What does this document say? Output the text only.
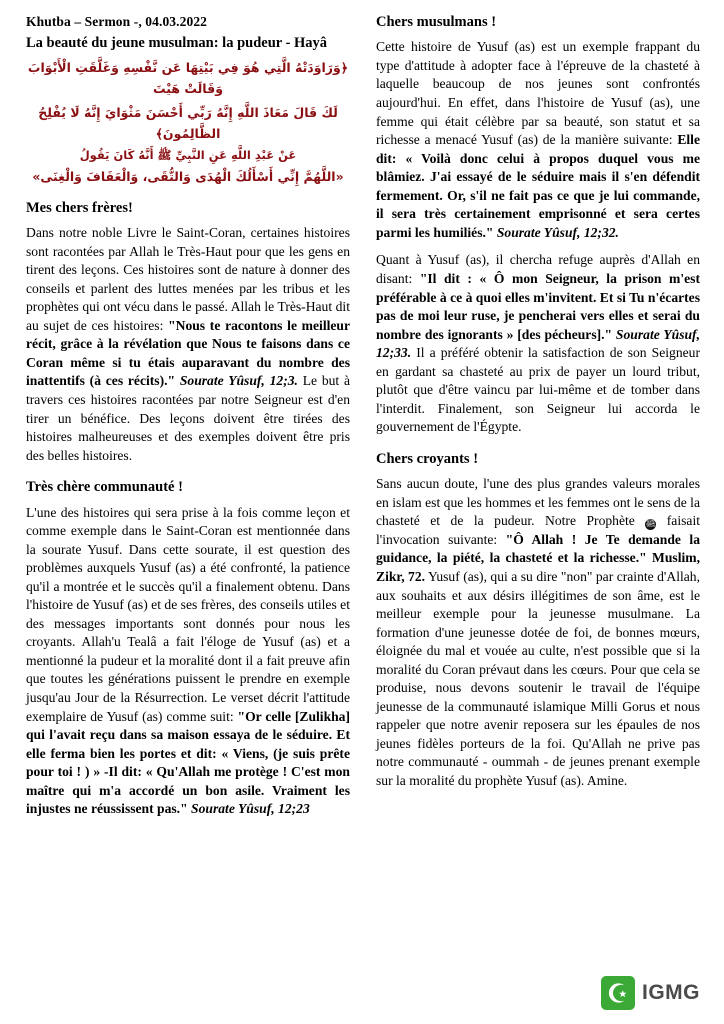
Khutba – Sermon -, 04.03.2022
La beauté du jeune musulman: la pudeur - Hayâ
﴿وَرَاوَدَتْهُ الَّتِي هُوَ فِي بَيْتِهَا عَن نَّفْسِهِ وَغَلَّقَتِ الْأَبْوَابَ وَقَالَتْ هَيْتَ
لَكَ قَالَ مَعَاذَ اللَّهِ إِنَّهُ رَبِّي أَحْسَنَ مَثْوَايَ إِنَّهُ لَا يُفْلِحُ الظَّالِمُونَ﴾
عَنْ عَبْدِ اللَّهِ عَنِ النَّبِيِّ ﷺ أَنَّهُ كَانَ يَقُولُ
«اللَّهُمَّ إِنِّي أَسْأَلُكَ الْهُدَى وَالتُّقَى، وَالْعَفَافَ وَالْغِنَى»
Mes chers frères!

Dans notre noble Livre le Saint-Coran, certaines histoires sont racontées par Allah le Très-Haut pour que les gens en tirent des leçons. Ces histoires sont de nature à donner des conseils et parlent des luttes menées par les tribus et les prophètes qui ont vécu dans le passé. Allah le Très-Haut dit au sujet de ces histoires: "Nous te racontons le meilleur récit, grâce à la révélation que Nous te faisons dans ce Coran même si tu étais auparavant du nombre des inattentifs (à ces récits)." Sourate Yûsuf, 12;3. Le but à travers ces histoires racontées par notre Seigneur est d'en tirer un bénéfice. Des leçons doivent être tirées des histoires malheureuses et des exemples doivent être pris des belles histoires.

Très chère communauté !

L'une des histoires qui sera prise à la fois comme leçon et comme exemple dans le Saint-Coran est mentionnée dans la sourate Yusuf. Dans cette sourate, il est question des problèmes auxquels Yusuf (as) a été confronté, la patience qu'il a montrée et le succès qu'il a finalement obtenu. Dans l'histoire de Yusuf (as) et de ses frères, des conseils utiles et des messages importants sont donnés pour nous les croyants. Allah'u Tealâ a fait l'éloge de Yusuf (as) et a mentionné la pudeur et la moralité dont il a fait preuve afin que toutes les générations puissent le prendre en exemple jusqu'au Jour de la Résurrection. Le verset décrit l'attitude exemplaire de Yusuf (as) comme suit: "Or celle [Zulikha] qui l'avait reçu dans sa maison essaya de le séduire. Et elle ferma bien les portes et dit: « Viens, (je suis prête pour toi ! ) » -Il dit: « Qu'Allah me protège ! C'est mon maître qui m'a accordé un bon asile. Vraiment les injustes ne réussissent pas." Sourate Yûsuf, 12;23

Chers musulmans !

Cette histoire de Yusuf (as) est un exemple frappant du type d'attitude à adopter face à l'épreuve de la chasteté à laquelle beaucoup de nos jeunes sont confrontés aujourd'hui. En effet, dans l'histoire de Yusuf (as), une femme qui était célèbre par sa beauté, son statut et sa richesse a menacé Yusuf (as) de la manière suivante: Elle dit: « Voilà donc celui à propos duquel vous me blâmiez. J'ai essayé de le séduire mais il s'en défendit fermement. Or, s'il ne fait pas ce que je lui commande, il sera très certainement emprisonné et sera certes parmi les humiliés." Sourate Yûsuf, 12;32.

Quant à Yusuf (as), il chercha refuge auprès d'Allah en disant: "Il dit : « Ô mon Seigneur, la prison m'est préférable à ce à quoi elles m'invitent. Et si Tu n'écartes pas de moi leur ruse, je pencherai vers elles et serai du nombre des ignorants » [des pécheurs]." Sourate Yûsuf, 12;33. Il a préféré obtenir la satisfaction de son Seigneur en gardant sa chasteté au prix de payer un lourd tribut, plutôt que d'être vaincu par lui-même et de tomber dans l'interdit. Finalement, son Seigneur lui accorda le gouvernement de l'Égypte.

Chers croyants !

Sans aucun doute, l'une des plus grandes valeurs morales en islam est que les hommes et les femmes ont le sens de la chasteté et de la pudeur. Notre Prophète ﷺ faisait l'invocation suivante: "Ô Allah ! Je Te demande la guidance, la piété, la chasteté et la richesse." Muslim, Zikr, 72. Yusuf (as), qui a su dire "non" par crainte d'Allah, aux souhaits et aux désirs illégitimes de son âme, est le meilleur exemple pour la jeunesse musulmane. La formation d'une jeunesse dotée de foi, de bonnes mœurs, éloignée du mal et vouée au culte, n'est possible que si la moralité du Coran prévaut dans les cœurs. Pour que cela se produise, nous devons soutenir le travail de l'équipe jeunesse de la communauté islamique Milli Gorus et nous rappeler que notre avenir reposera sur les épaules de nos jeunes fidèles porteurs de la foi. Qu'Allah ne prive pas notre communauté - oummah - de jeunes prenant exemple sur la moralité du prophète Yusuf (as). Amine.

IGMG
